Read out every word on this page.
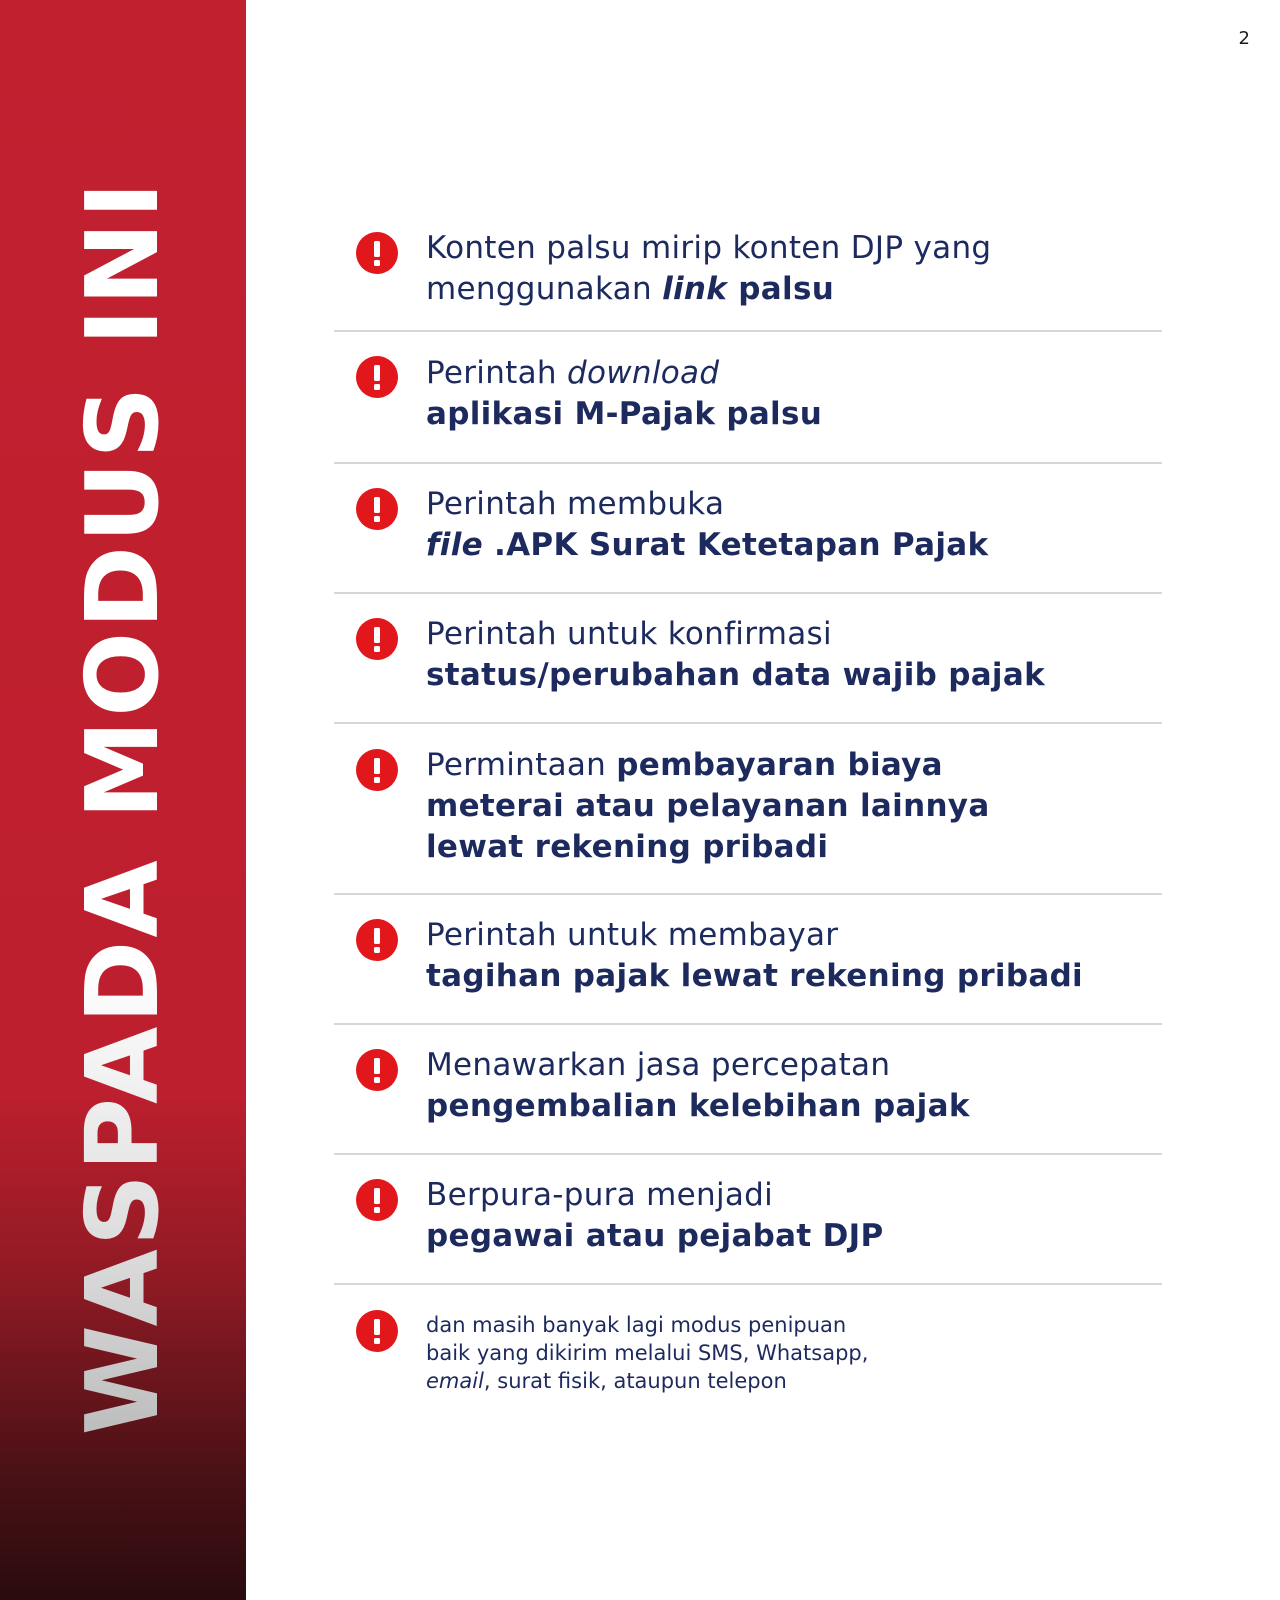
WASPADA MODUS INI
2
Konten palsu mirip konten DJP yang
menggunakan link palsu
Perintah download
aplikasi M-Pajak palsu
Perintah membuka
file .APK Surat Ketetapan Pajak
Perintah untuk konfirmasi
status/perubahan data wajib pajak
Permintaan pembayaran biaya
meterai atau pelayanan lainnya
lewat rekening pribadi
Perintah untuk membayar
tagihan pajak lewat rekening pribadi
Menawarkan jasa percepatan
pengembalian kelebihan pajak
Berpura-pura menjadi
pegawai atau pejabat DJP
dan masih banyak lagi modus penipuan
baik yang dikirim melalui SMS, Whatsapp,
email, surat fisik, ataupun telepon
